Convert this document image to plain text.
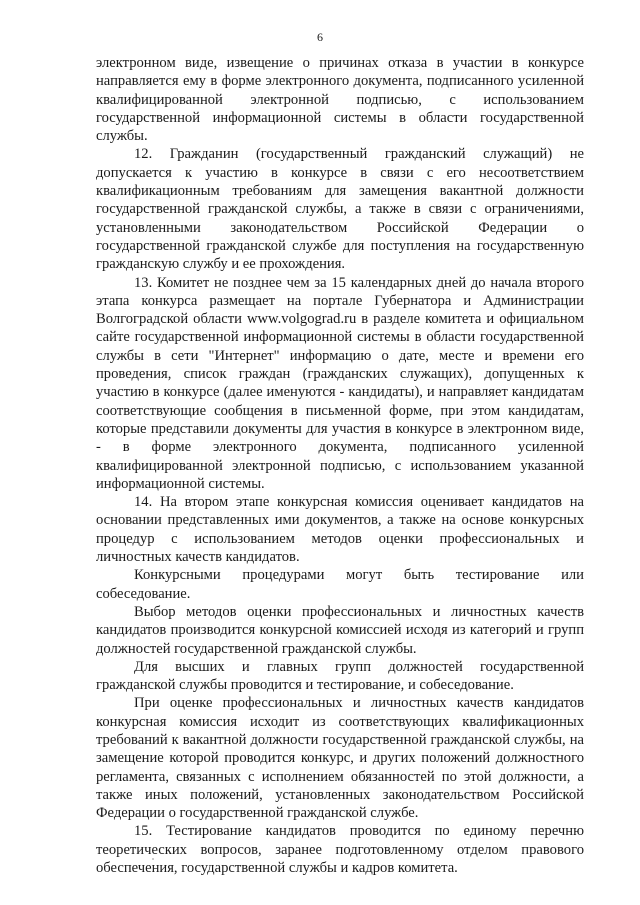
6

электронном виде, извещение о причинах отказа в участии в конкурсе направляется ему в форме электронного документа, подписанного усиленной квалифицированной электронной подписью, с использованием государственной информационной системы в области государственной службы.

12. Гражданин (государственный гражданский служащий) не допускается к участию в конкурсе в связи с его несоответствием квалификационным требованиям для замещения вакантной должности государственной гражданской службы, а также в связи с ограничениями, установленными законодательством Российской Федерации о государственной гражданской службе для поступления на государственную гражданскую службу и ее прохождения.

13. Комитет не позднее чем за 15 календарных дней до начала второго этапа конкурса размещает на портале Губернатора и Администрации Волгоградской области www.volgograd.ru в разделе комитета и официальном сайте государственной информационной системы в области государственной службы в сети "Интернет" информацию о дате, месте и времени его проведения, список граждан (гражданских служащих), допущенных к участию в конкурсе (далее именуются - кандидаты), и направляет кандидатам соответствующие сообщения в письменной форме, при этом кандидатам, которые представили документы для участия в конкурсе в электронном виде, - в форме электронного документа, подписанного усиленной квалифицированной электронной подписью, с использованием указанной информационной системы.

14. На втором этапе конкурсная комиссия оценивает кандидатов на основании представленных ими документов, а также на основе конкурсных процедур с использованием методов оценки профессиональных и личностных качеств кандидатов.

Конкурсными процедурами могут быть тестирование или собеседование.

Выбор методов оценки профессиональных и личностных качеств кандидатов производится конкурсной комиссией исходя из категорий и групп должностей государственной гражданской службы.

Для высших и главных групп должностей государственной гражданской службы проводится и тестирование, и собеседование.

При оценке профессиональных и личностных качеств кандидатов конкурсная комиссия исходит из соответствующих квалификационных требований к вакантной должности государственной гражданской службы, на замещение которой проводится конкурс, и других положений должностного регламента, связанных с исполнением обязанностей по этой должности, а также иных положений, установленных законодательством Российской Федерации о государственной гражданской службе.

15. Тестирование кандидатов проводится по единому перечню теоретических вопросов, заранее подготовленному отделом правового обеспечения, государственной службы и кадров комитета.
